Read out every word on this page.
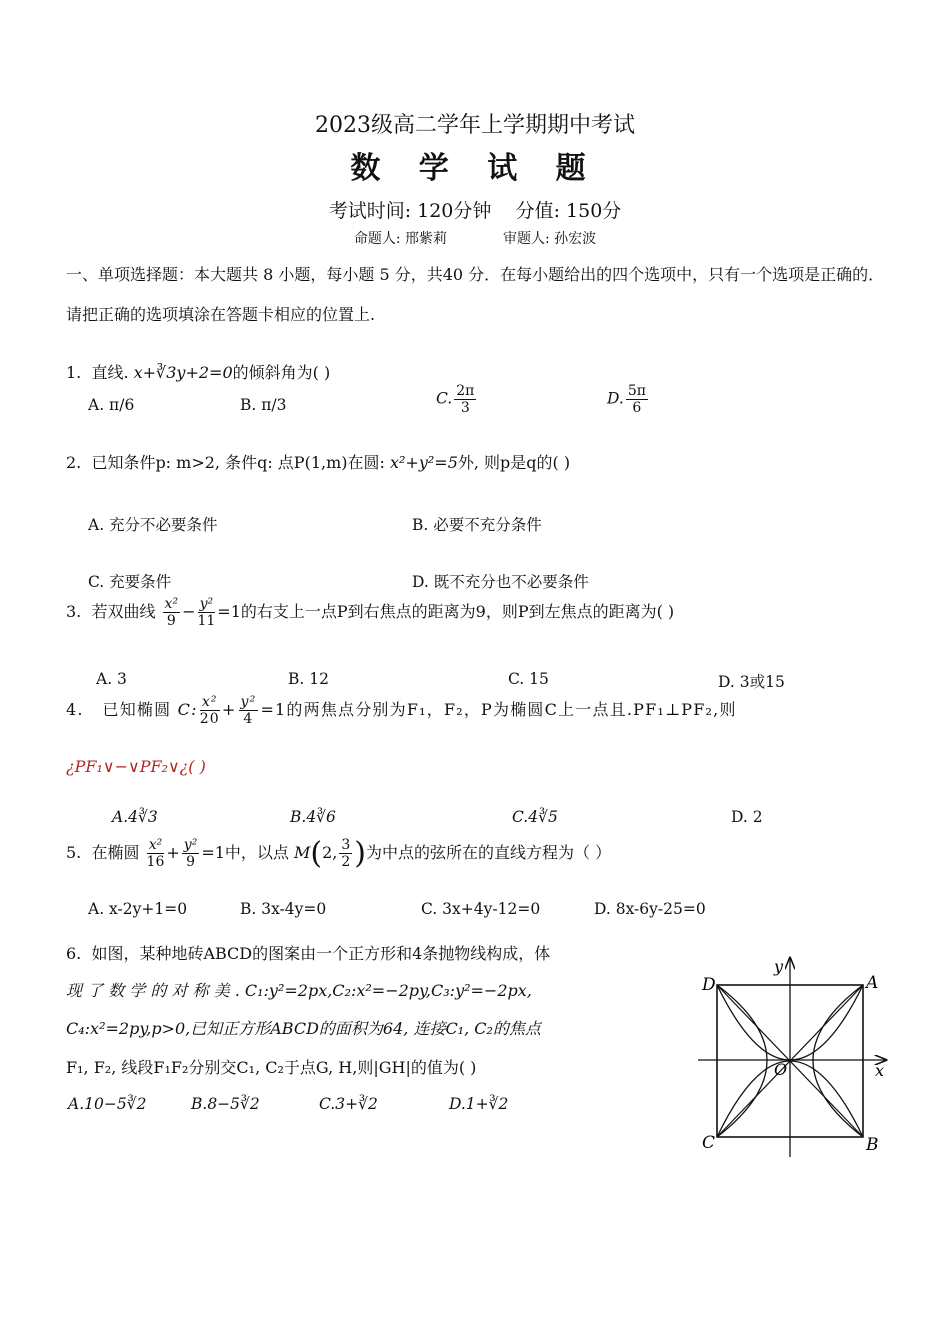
2023级高二学年上学期期中考试
数 学 试 题
考试时间: 120分钟 分值: 150分
命题人: 邢紫莉	审题人: 孙宏波
一、单项选择题：本大题共 8 小题，每小题 5 分，共40 分．在每小题给出的四个选项中，只有一个选项是正确的．请把正确的选项填涂在答题卡相应的位置上.
1. 直线. x+∛3y+2=0的倾斜角为( )
A. π/6	B. π/3	C. $\frac{2\pi}{3}$	D. $\frac{5\pi}{6}$
2. 已知条件p: m>2, 条件q: 点P(1,m)在圆: x²+y²=5外, 则p是q的( )
A. 充分不必要条件	B. 必要不充分条件
C. 充要条件	D. 既不充分也不必要条件
3. 若双曲线 $\frac{\text{x²}}{9} - \frac{\text{y²}}{11} =1$的右支上一点P到右焦点的距离为9，则P到左焦点的距离为( )
A. 3	B. 12	C. 15	D. 3或15
4. 已知椭圆 C: $\frac{\text{x²}}{20} + \frac{\text{y²}}{4} =1$的两焦点分别为F₁，F₂，P为椭圆C上一点且.PF₁⊥PF₂,则
¿PF₁∨−∨PF₂∨¿( )
A.4∛3	B.4∛6	C.4∛5	D. 2
5. 在椭圆 $\frac{\text{x²}}{16} + \frac{\text{y²}}{9} =1$中，以点 M(2, $\frac{3}{2}$ )为中点的弦所在的直线方程为（ ）
A. x-2y+1=0	B. 3x-4y=0	C. 3x+4y-12=0	D. 8x-6y-25=0
6. 如图，某种地砖ABCD的图案由一个正方形和4条抛物线构成，体
现 了 数 学 的 对 称 美 . C₁:y²=2px,C₂:x²=−2py,C₃:y²=−2px,
C₄:x²=2py,p>0,已知正方形ABCD的面积为64, 连接C₁, C₂的焦点
F₁, F₂, 线段F₁F₂分别交C₁, C₂于点G, H,则|GH|的值为( )
A.10−5∛2	B.8−5∛2	C.3+∛2	D.1+∛2
D	A
C	B
O	x
y
